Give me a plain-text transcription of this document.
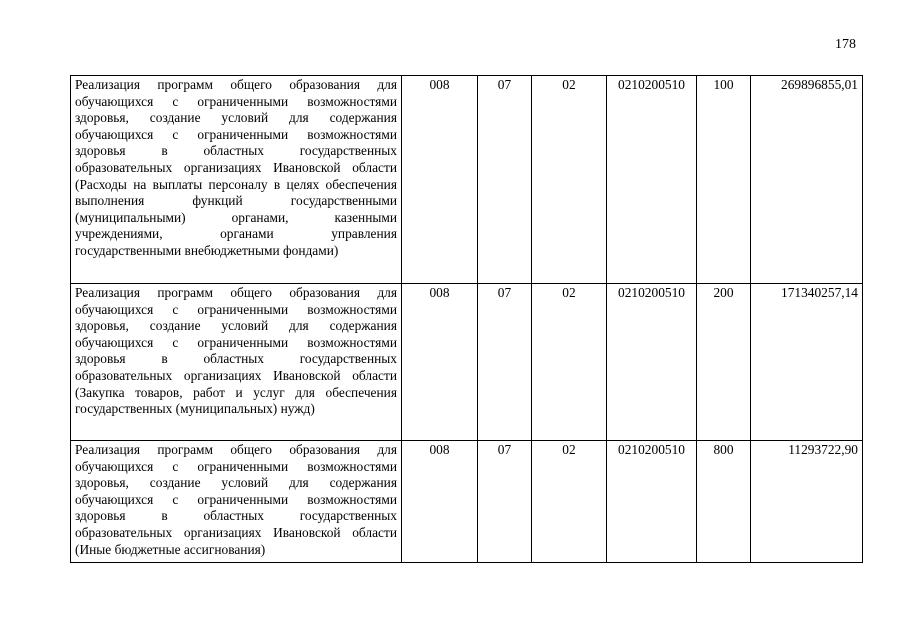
178
Реализация программ общего образования для обучающихся с ограниченными возможностями здоровья, создание условий для содержания обучающихся с ограниченными возможностями здоровья в областных государственных образовательных организациях Ивановской области (Расходы на выплаты персоналу в целях обеспечения выполнения функций государственными (муниципальными) органами, казенными учреждениями, органами управления государственными внебюджетными фондами)	008	07	02	0210200510	100	269896855,01
Реализация программ общего образования для обучающихся с ограниченными возможностями здоровья, создание условий для содержания обучающихся с ограниченными возможностями здоровья в областных государственных образовательных организациях Ивановской области (Закупка товаров, работ и услуг для обеспечения государственных (муниципальных) нужд)	008	07	02	0210200510	200	171340257,14
Реализация программ общего образования для обучающихся с ограниченными возможностями здоровья, создание условий для содержания обучающихся с ограниченными возможностями здоровья в областных государственных образовательных организациях Ивановской области (Иные бюджетные ассигнования)	008	07	02	0210200510	800	11293722,90
